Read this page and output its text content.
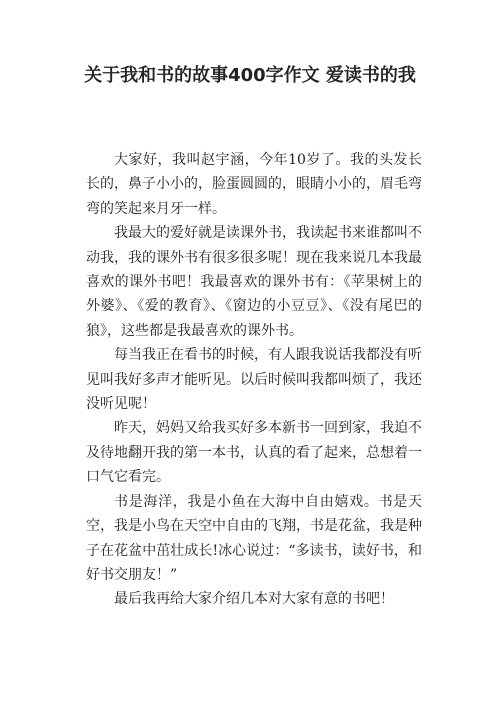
关于我和书的故事400字作文 爱读书的我

大家好，我叫赵宇涵，今年10岁了。我的头发长长的，鼻子小小的，脸蛋圆圆的，眼睛小小的，眉毛弯弯的笑起来月牙一样。

我最大的爱好就是读课外书，我读起书来谁都叫不动我，我的课外书有很多很多呢！现在我来说几本我最喜欢的课外书吧！我最喜欢的课外书有：《苹果树上的外婆》、《爱的教育》、《窗边的小豆豆》、《没有尾巴的狼》，这些都是我最喜欢的课外书。

每当我正在看书的时候，有人跟我说话我都没有听见叫我好多声才能听见。以后时候叫我都叫烦了，我还没听见呢！

昨天，妈妈又给我买好多本新书一回到家，我迫不及待地翻开我的第一本书，认真的看了起来，总想着一口气它看完。

书是海洋，我是小鱼在大海中自由嬉戏。书是天空，我是小鸟在天空中自由的飞翔，书是花盆，我是种子在花盆中茁壮成长!冰心说过：“多读书，读好书，和好书交朋友！”

最后我再给大家介绍几本对大家有意的书吧！
